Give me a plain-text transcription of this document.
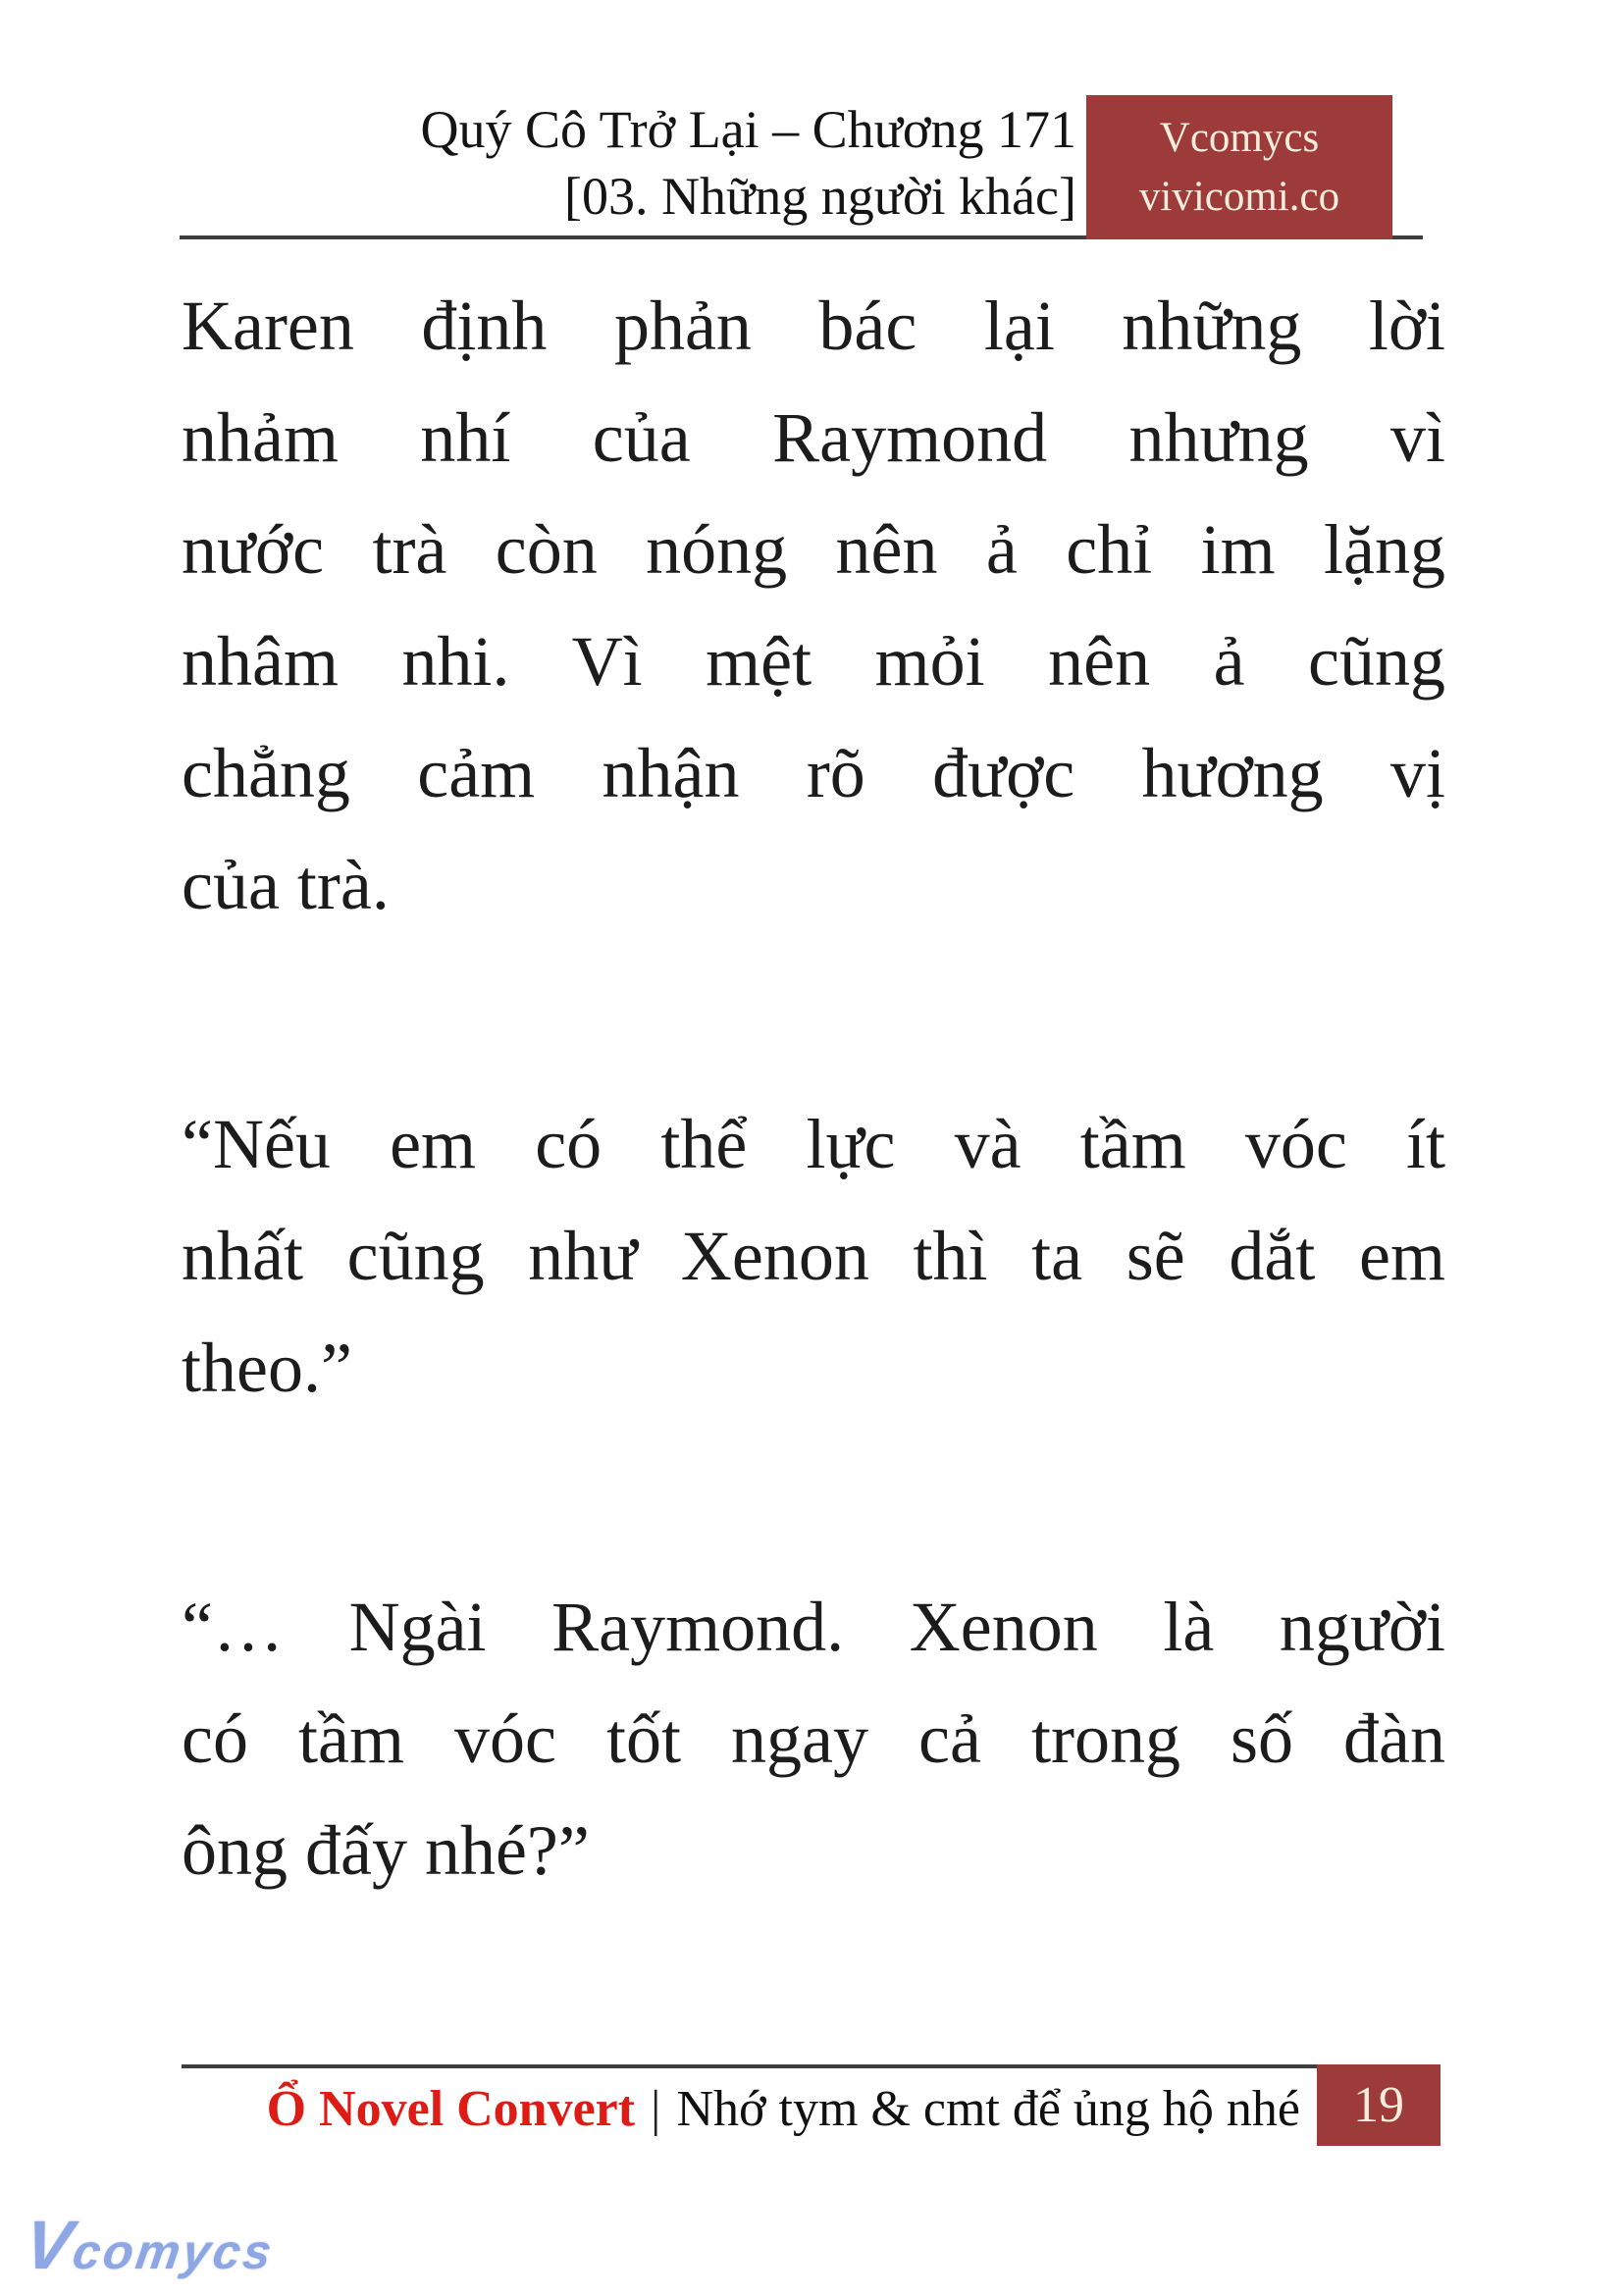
Quý Cô Trở Lại – Chương 171
[03. Những người khác]
Vcomycs
vivicomi.co
Karen định phản bác lại những lời
nhảm nhí của Raymond nhưng vì
nước trà còn nóng nên ả chỉ im lặng
nhâm nhi. Vì mệt mỏi nên ả cũng
chẳng cảm nhận rõ được hương vị
của trà.
“Nếu em có thể lực và tầm vóc ít
nhất cũng như Xenon thì ta sẽ dắt em
theo.”
“… Ngài Raymond. Xenon là người
có tầm vóc tốt ngay cả trong số đàn
ông đấy nhé?”
Ổ Novel Convert | Nhớ tym & cmt để ủng hộ nhé	19
Vcomycs
